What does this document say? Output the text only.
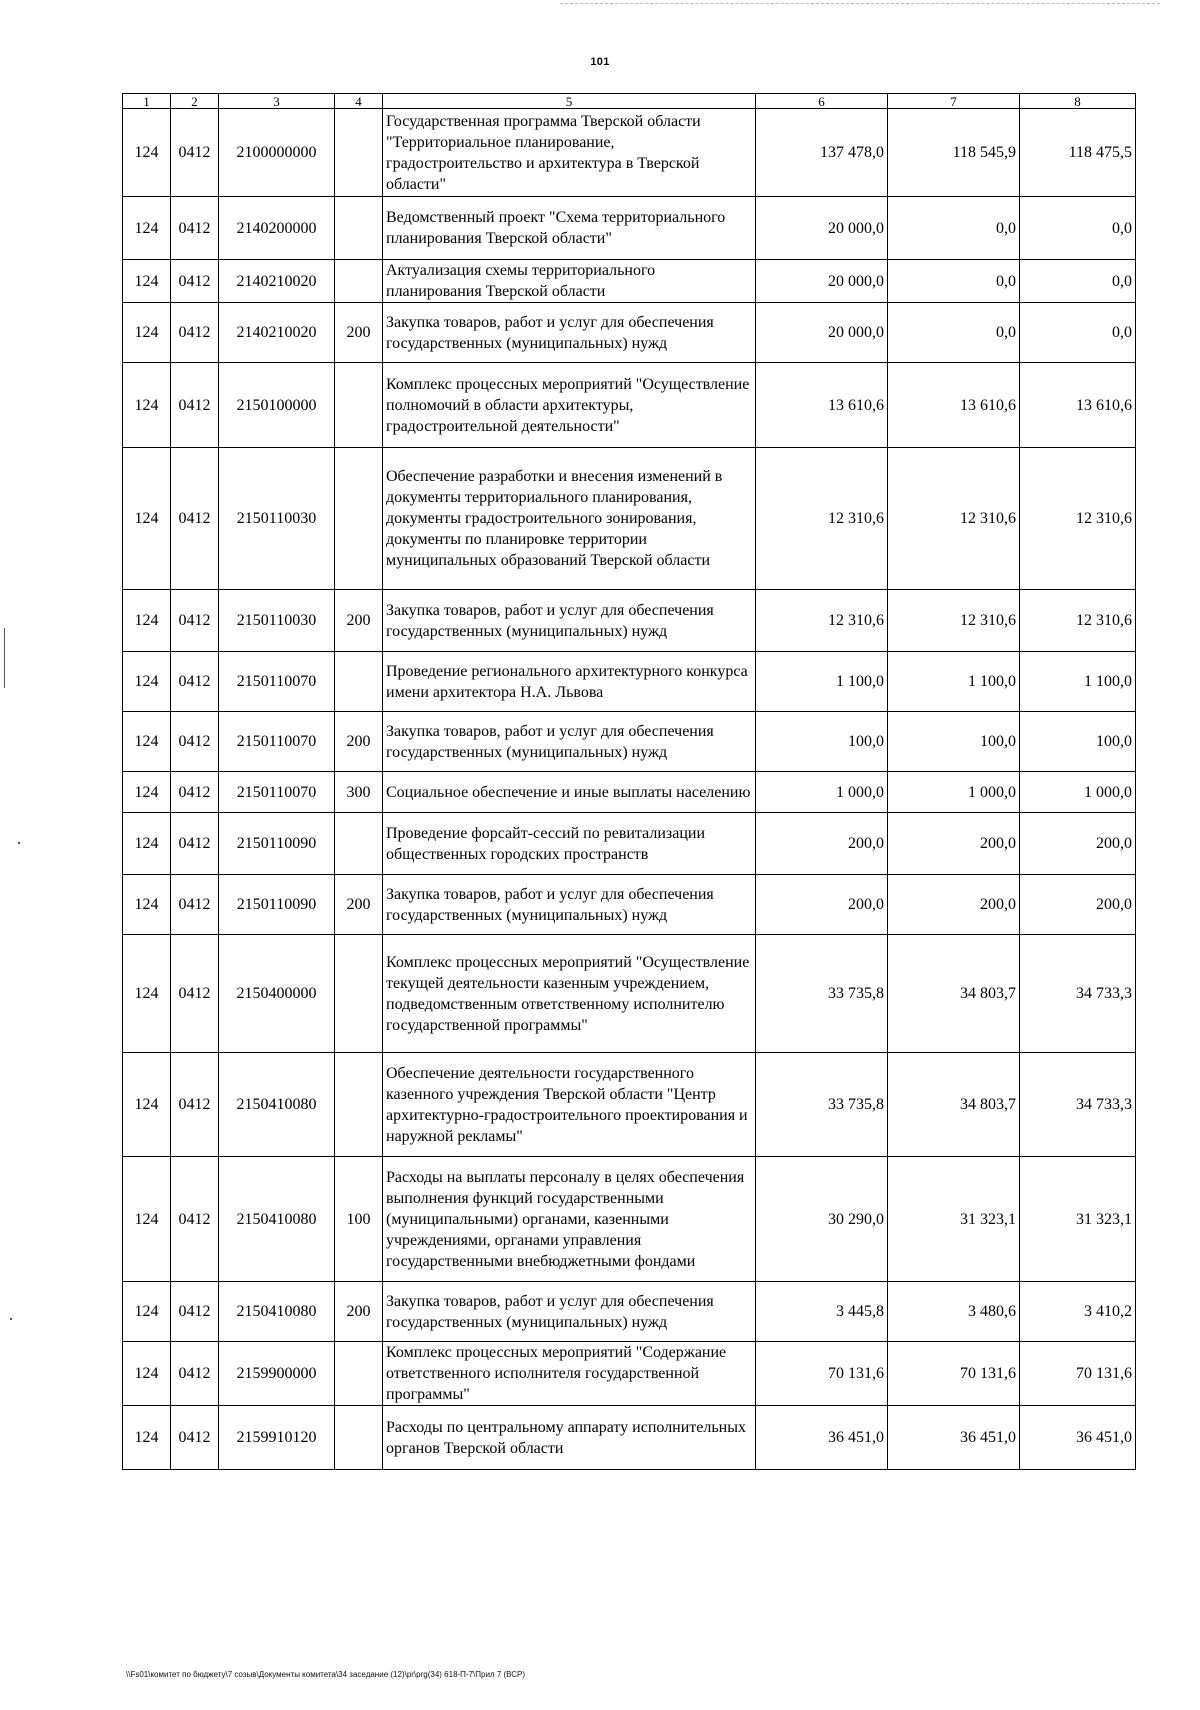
101
1	2	3	4	5	6	7	8
124	0412	2100000000		Государственная программа Тверской области "Территориальное планирование, градостроительство и архитектура в Тверской области"	137 478,0	118 545,9	118 475,5
124	0412	2140200000		Ведомственный проект "Схема территориального планирования Тверской области"	20 000,0	0,0	0,0
124	0412	2140210020		Актуализация схемы территориального планирования Тверской области	20 000,0	0,0	0,0
124	0412	2140210020	200	Закупка товаров, работ и услуг для обеспечения государственных (муниципальных) нужд	20 000,0	0,0	0,0
124	0412	2150100000		Комплекс процессных мероприятий "Осуществление полномочий в области архитектуры, градостроительной деятельности"	13 610,6	13 610,6	13 610,6
124	0412	2150110030		Обеспечение разработки и внесения изменений в документы территориального планирования, документы градостроительного зонирования, документы по планировке территории муниципальных образований Тверской области	12 310,6	12 310,6	12 310,6
124	0412	2150110030	200	Закупка товаров, работ и услуг для обеспечения государственных (муниципальных) нужд	12 310,6	12 310,6	12 310,6
124	0412	2150110070		Проведение регионального архитектурного конкурса имени архитектора Н.А. Львова	1 100,0	1 100,0	1 100,0
124	0412	2150110070	200	Закупка товаров, работ и услуг для обеспечения государственных (муниципальных) нужд	100,0	100,0	100,0
124	0412	2150110070	300	Социальное обеспечение и иные выплаты населению	1 000,0	1 000,0	1 000,0
124	0412	2150110090		Проведение форсайт-сессий по ревитализации общественных городских пространств	200,0	200,0	200,0
124	0412	2150110090	200	Закупка товаров, работ и услуг для обеспечения государственных (муниципальных) нужд	200,0	200,0	200,0
124	0412	2150400000		Комплекс процессных мероприятий "Осуществление текущей деятельности казенным учреждением, подведомственным ответственному исполнителю государственной программы"	33 735,8	34 803,7	34 733,3
124	0412	2150410080		Обеспечение деятельности государственного казенного учреждения Тверской области "Центр архитектурно-градостроительного проектирования и наружной рекламы"	33 735,8	34 803,7	34 733,3
124	0412	2150410080	100	Расходы на выплаты персоналу в целях обеспечения выполнения функций государственными (муниципальными) органами, казенными учреждениями, органами управления государственными внебюджетными фондами	30 290,0	31 323,1	31 323,1
124	0412	2150410080	200	Закупка товаров, работ и услуг для обеспечения государственных (муниципальных) нужд	3 445,8	3 480,6	3 410,2
124	0412	2159900000		Комплекс процессных мероприятий "Содержание ответственного исполнителя государственной программы"	70 131,6	70 131,6	70 131,6
124	0412	2159910120		Расходы по центральному аппарату исполнительных органов Тверской области	36 451,0	36 451,0	36 451,0
\\Fs01\комитет по бюджету\7 созыв\Документы комитета\34 заседание (12)\pr\prg(34) 618-П-7\Прил 7 (ВСР)
